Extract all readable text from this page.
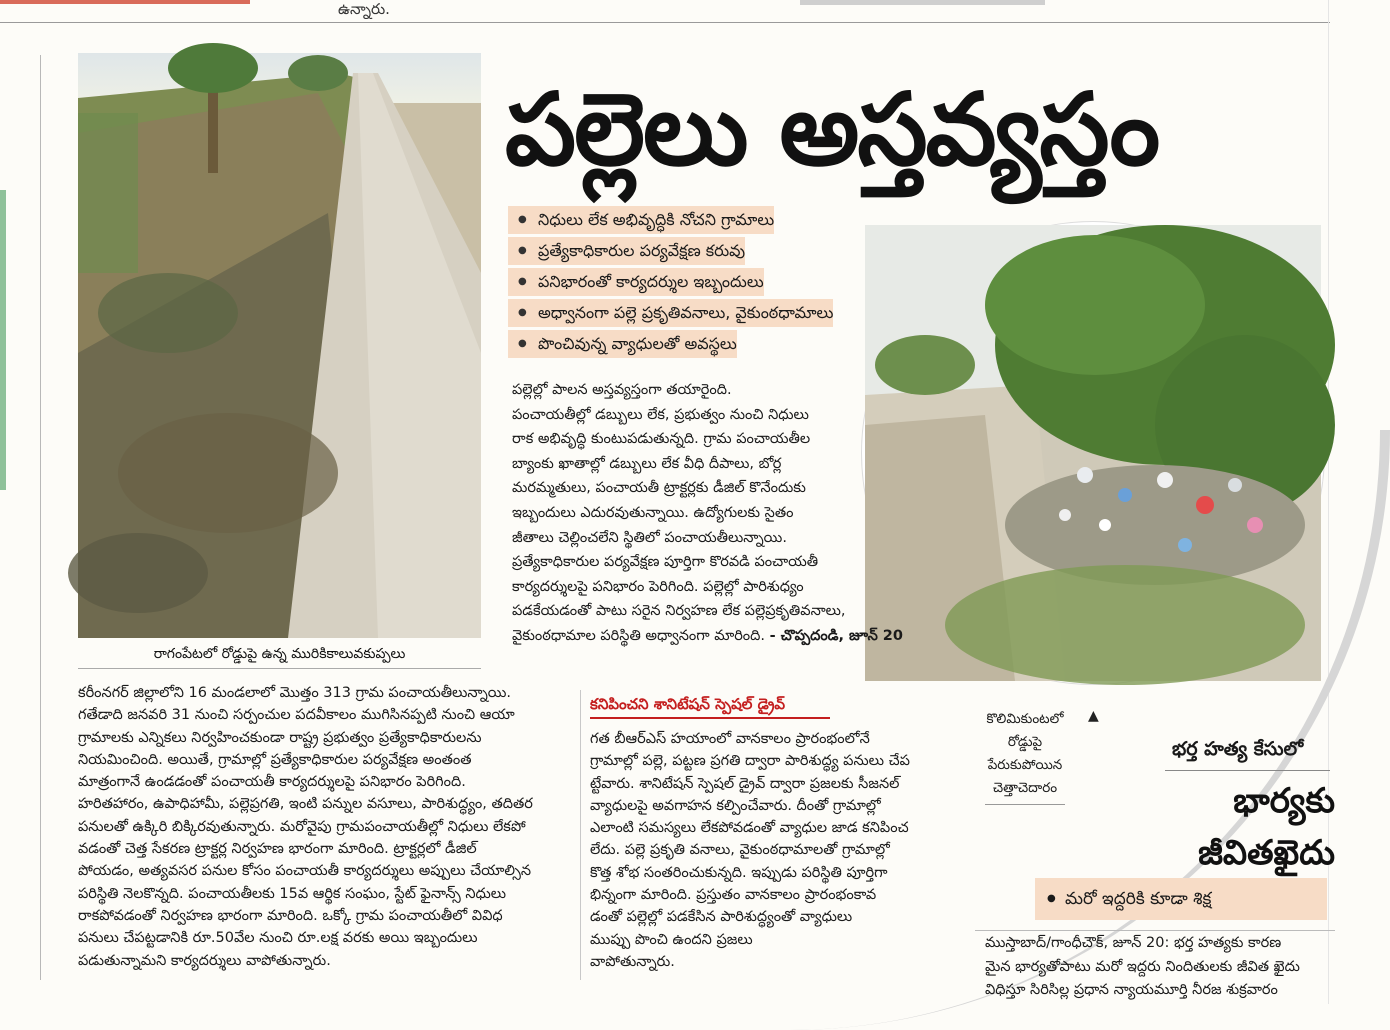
ఉన్నారు.
రాగంపేటలో రోడ్డుపై ఉన్న మురికికాలువకుప్పలు
పల్లెలు అస్తవ్యస్తం
● నిధులు లేక అభివృద్ధికి నోచని గ్రామాలు
● ప్రత్యేకాధికారుల పర్యవేక్షణ కరువు
● పనిభారంతో కార్యదర్శుల ఇబ్బందులు
● అధ్వానంగా పల్లె ప్రకృతివనాలు, వైకుంఠధామాలు
● పొంచివున్న వ్యాధులతో అవస్థలు
పల్లెల్లో పాలన అస్తవ్యస్తంగా తయారైంది.
పంచాయతీల్లో డబ్బులు లేక, ప్రభుత్వం నుంచి నిధులు
రాక అభివృద్ధి కుంటుపడుతున్నది. గ్రామ పంచాయతీల
బ్యాంకు ఖాతాల్లో డబ్బులు లేక వీధి దీపాలు, బోర్ల
మరమ్మతులు, పంచాయతీ ట్రాక్టర్లకు డీజిల్ కొనేందుకు
ఇబ్బందులు ఎదురవుతున్నాయి. ఉద్యోగులకు సైతం
జీతాలు చెల్లించలేని స్థితిలో పంచాయతీలున్నాయి.
ప్రత్యేకాధికారుల పర్యవేక్షణ పూర్తిగా కొరవడి పంచాయతీ
కార్యదర్శులపై పనిభారం పెరిగింది. పల్లెల్లో పారిశుధ్యం
పడకేయడంతో పాటు సరైన నిర్వహణ లేక పల్లెప్రకృతివనాలు,
వైకుంఠధామాల పరిస్థితి అధ్వానంగా మారింది. - చొప్పదండి, జూన్ 20
కరీంనగర్ జిల్లాలోని 16 మండలాలో మొత్తం 313 గ్రామ పంచాయతీలున్నాయి.
గతేడాది జనవరి 31 నుంచి సర్పంచుల పదవీకాలం ముగిసినప్పటి నుంచి ఆయా
గ్రామాలకు ఎన్నికలు నిర్వహించకుండా రాష్ట్ర ప్రభుత్వం ప్రత్యేకాధికారులను
నియమించింది. అయితే, గ్రామాల్లో ప్రత్యేకాధికారుల పర్యవేక్షణ అంతంత
మాత్రంగానే ఉండడంతో పంచాయతీ కార్యదర్శులపై పనిభారం పెరిగింది.
హరితహారం, ఉపాధిహామీ, పల్లెప్రగతి, ఇంటి పన్నుల వసూలు, పారిశుద్ధ్యం, తదితర
పనులతో ఉక్కిరి బిక్కిరవుతున్నారు. మరోవైపు గ్రామపంచాయతీల్లో నిధులు లేకపో
వడంతో చెత్త సేకరణ ట్రాక్టర్ల నిర్వహణ భారంగా మారింది. ట్రాక్టర్లలో డీజిల్
పోయడం, అత్యవసర పనుల కోసం పంచాయతీ కార్యదర్శులు అప్పులు చేయాల్సిన
పరిస్థితి నెలకొన్నది. పంచాయతీలకు 15వ ఆర్థిక సంఘం, స్టేట్ ఫైనాన్స్ నిధులు
రాకపోవడంతో నిర్వహణ భారంగా మారింది. ఒక్కో గ్రామ పంచాయతీలో వివిధ
పనులు చేపట్టడానికి రూ.50వేల నుంచి రూ.లక్ష వరకు అయి ఇబ్బందులు
పడుతున్నామని కార్యదర్శులు వాపోతున్నారు.
కనిపించని శానిటేషన్ స్పెషల్ డ్రైవ్
గత బీఆర్ఎస్ హయాంలో వానకాలం ప్రారంభంలోనే
గ్రామాల్లో పల్లె, పట్టణ ప్రగతి ద్వారా పారిశుద్ధ్య పనులు చేప
ట్టేవారు. శానిటేషన్ స్పెషల్ డ్రైవ్ ద్వారా ప్రజలకు సీజనల్
వ్యాధులపై అవగాహన కల్పించేవారు. దీంతో గ్రామాల్లో
ఎలాంటి సమస్యలు లేకపోవడంతో వ్యాధుల జాడ కనిపించ
లేదు. పల్లె ప్రకృతి వనాలు, వైకుంఠధామాలతో గ్రామాల్లో
కొత్త శోభ సంతరించుకున్నది. ఇప్పుడు పరిస్థితి పూర్తిగా
భిన్నంగా మారింది. ప్రస్తుతం వానకాలం ప్రారంభంకావ
డంతో పల్లెల్లో పడకేసిన పారిశుద్ధ్యంతో వ్యాధులు
ముప్పు పొంచి ఉందని ప్రజలు
వాపోతున్నారు.
కొలిమికుంటలో
రోడ్డుపై
పేరుకుపోయిన
చెత్తాచెదారం
▲
భర్త హత్య కేసులో
భార్యకు
జీవితఖైదు
● మరో ఇద్దరికి కూడా శిక్ష
ముస్తాబాద్/గాంధీచౌక్, జూన్ 20: భర్త హత్యకు కారణ
మైన భార్యతోపాటు మరో ఇద్దరు నిందితులకు జీవిత ఖైదు
విధిస్తూ సిరిసిల్ల ప్రధాన న్యాయమూర్తి నీరజ శుక్రవారం
